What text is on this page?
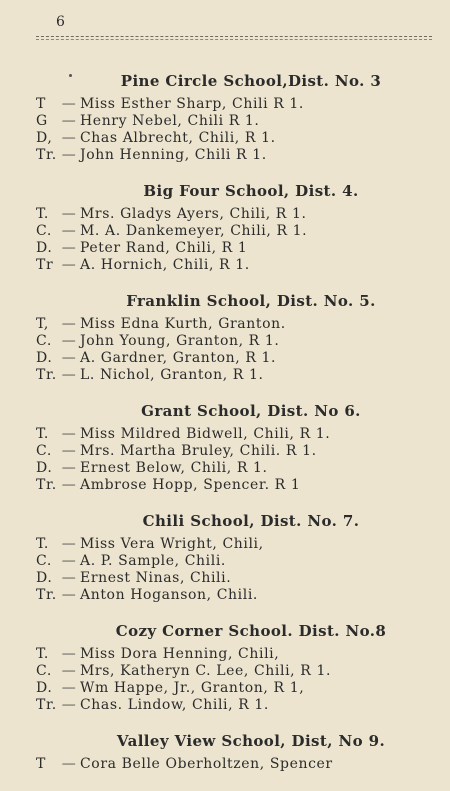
6
Pine Circle School,Dist. No. 3
T	— Miss Esther Sharp, Chili R 1.
G — Henry Nebel, Chili R 1.
D, — Chas Albrecht, Chili, R 1.
Tr. — John Henning, Chili R 1.
Big Four School, Dist. 4.
T. — Mrs. Gladys Ayers, Chili, R 1.
C. — M. A. Dankemeyer, Chili, R 1.
D. — Peter Rand, Chili, R 1
Tr — A. Hornich, Chili, R 1.
Franklin School, Dist. No. 5.
T, — Miss Edna Kurth, Granton.
C. — John Young, Granton, R 1.
D. — A. Gardner, Granton, R 1.
Tr. — L. Nichol, Granton, R 1.
Grant School, Dist. No 6.
T. — Miss Mildred Bidwell, Chili, R 1.
C. — Mrs. Martha Bruley, Chili. R 1.
D. — Ernest Below, Chili, R 1.
Tr. — Ambrose Hopp, Spencer. R 1
Chili School, Dist. No. 7.
T. — Miss Vera Wright, Chili,
C. — A. P. Sample, Chili.
D. — Ernest Ninas, Chili.
Tr. — Anton Hoganson, Chili.
Cozy Corner School. Dist. No.8
T. — Miss Dora Henning, Chili,
C. — Mrs, Katheryn C. Lee, Chili, R 1.
D. — Wm Happe, Jr., Granton, R 1,
Tr. — Chas. Lindow, Chili, R 1.
Valley View School, Dist, No 9.
T	— Cora Belle Oberholtzen, Spencer
